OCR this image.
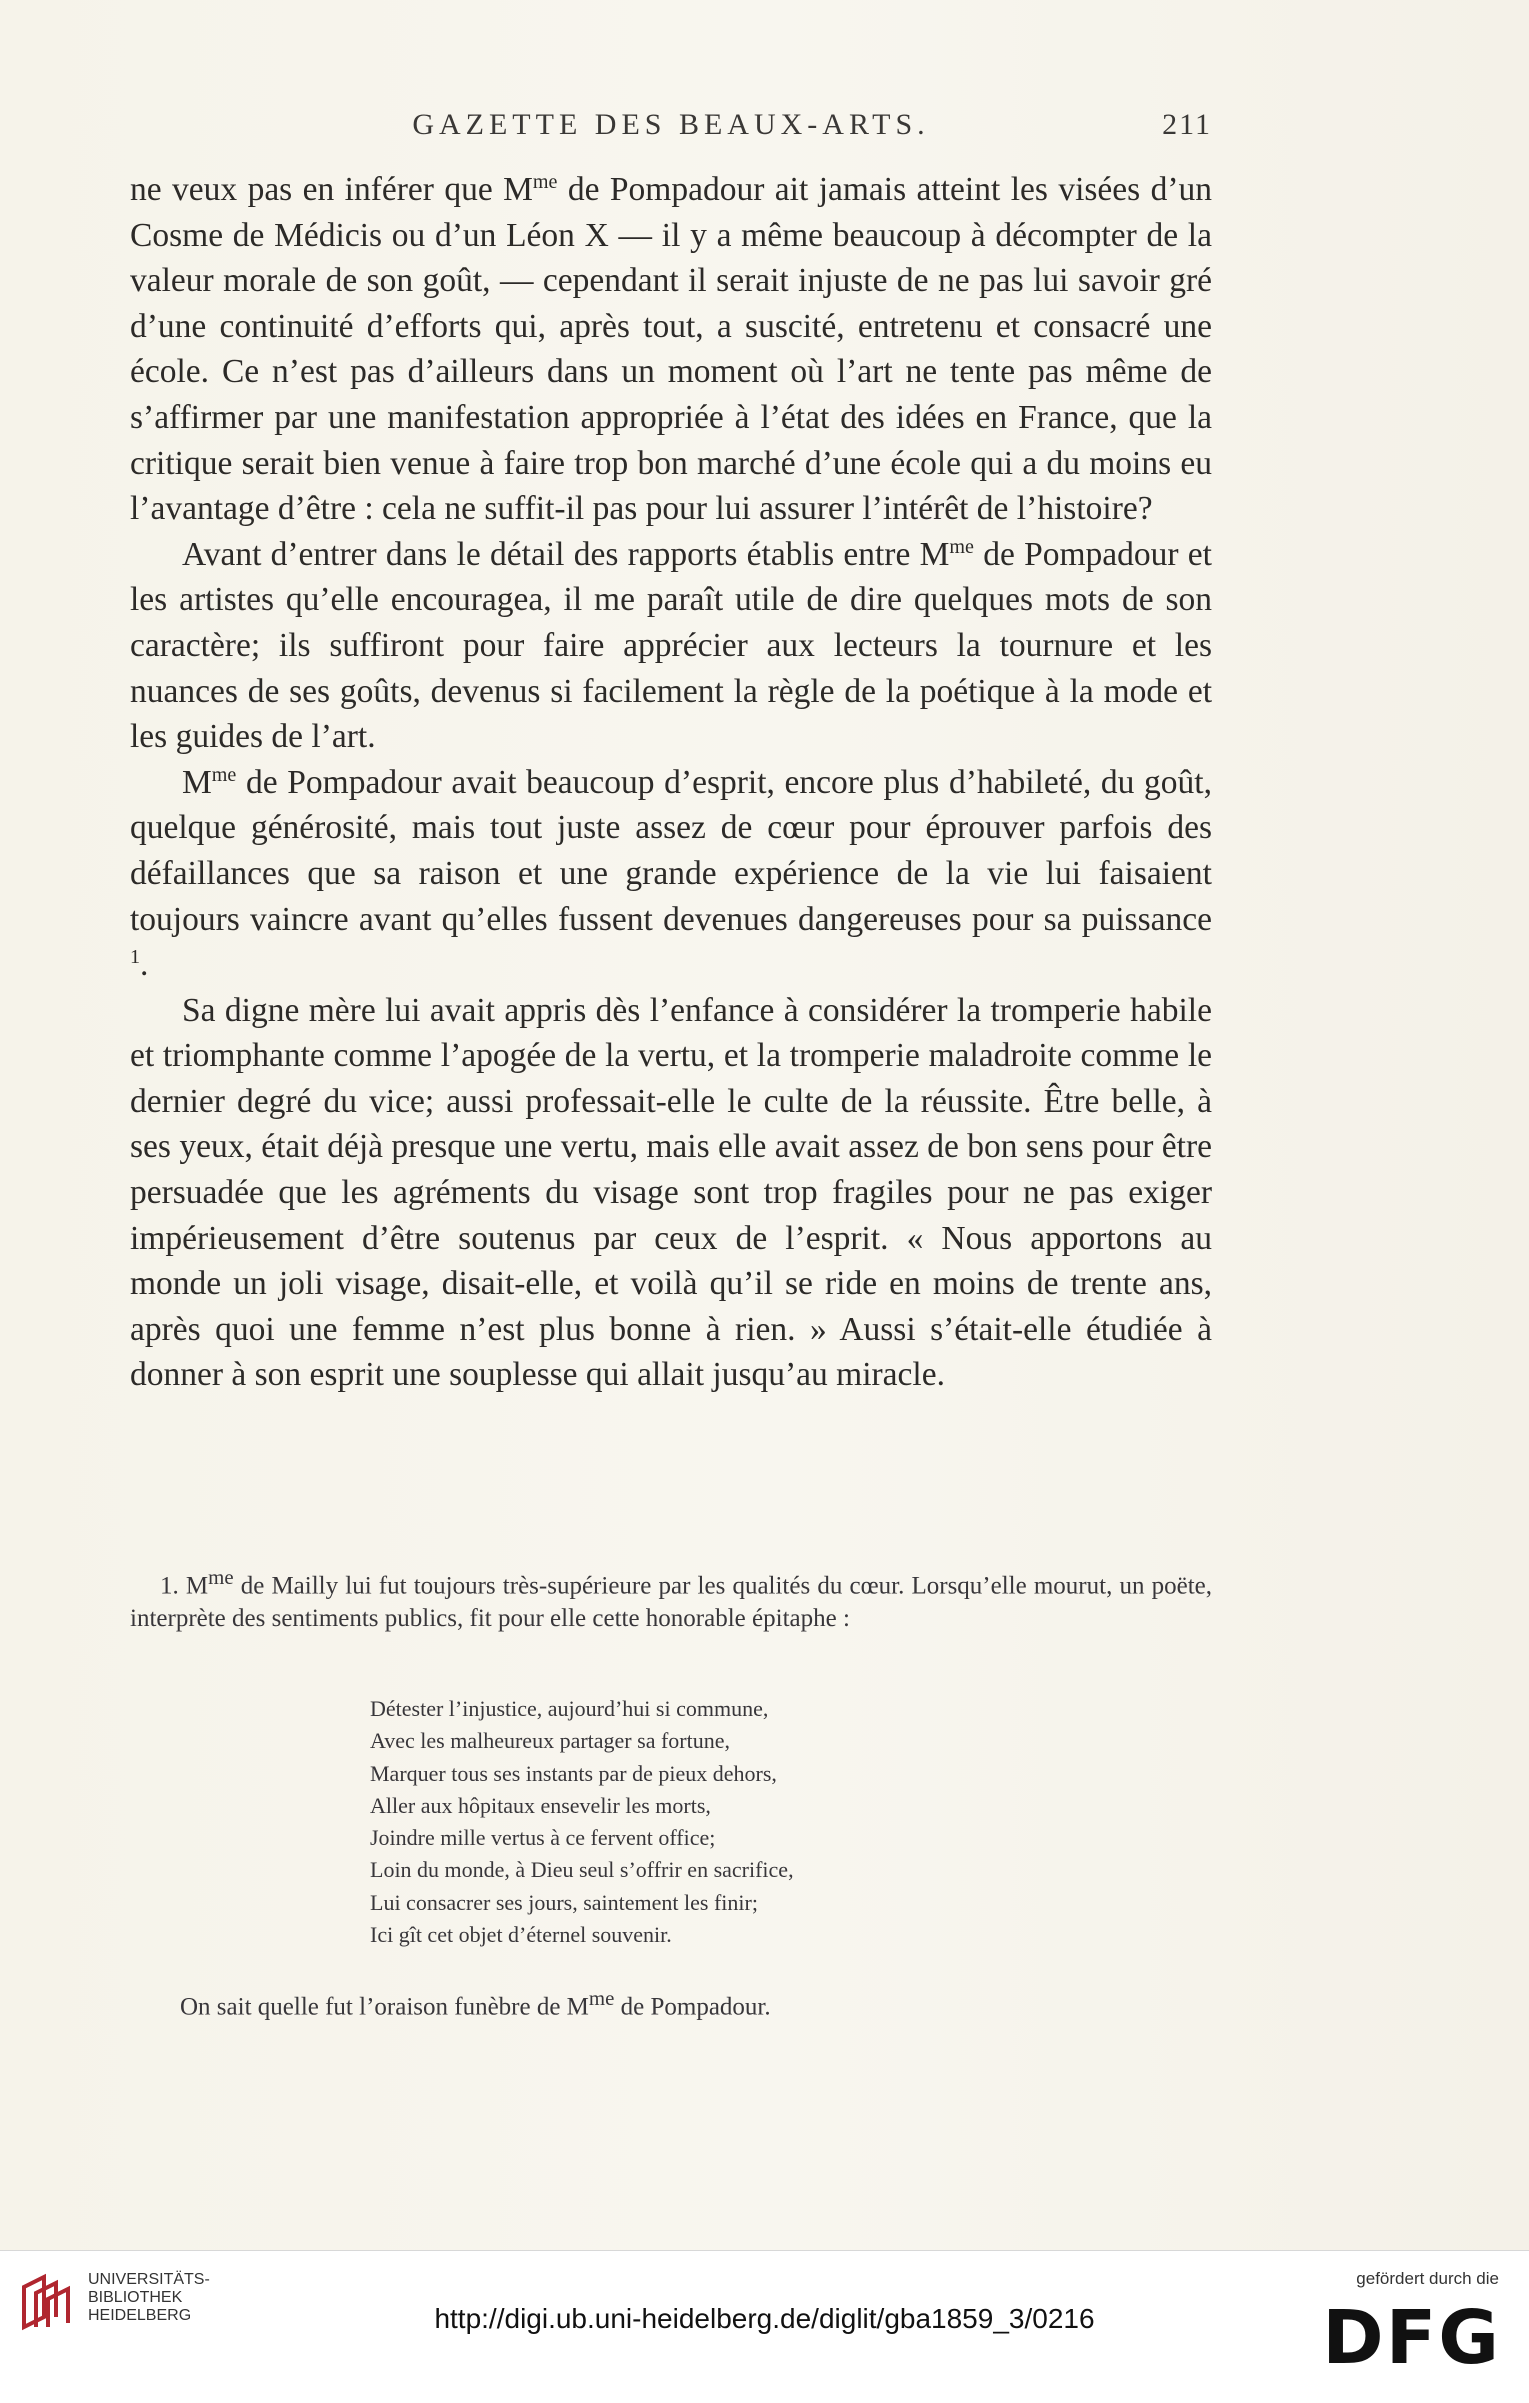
GAZETTE DES BEAUX-ARTS.	211

ne veux pas en inférer que $M^{me}$ de Pompadour ait jamais atteint les visées d’un Cosme de Médicis ou d’un Léon X — il y a même beaucoup à décompter de la valeur morale de son goût, — cependant il serait injuste de ne pas lui savoir gré d’une continuité d’efforts qui, après tout, a suscité, entretenu et consacré une école. Ce n’est pas d’ailleurs dans un moment où l’art ne tente pas même de s’affirmer par une manifestation appropriée à l’état des idées en France, que la critique serait bien venue à faire trop bon marché d’une école qui a du moins eu l’avantage d’être : cela ne suffit-il pas pour lui assurer l’intérêt de l’histoire?

Avant d’entrer dans le détail des rapports établis entre $M^{me}$ de Pompadour et les artistes qu’elle encouragea, il me paraît utile de dire quelques mots de son caractère; ils suffiront pour faire apprécier aux lecteurs la tournure et les nuances de ses goûts, devenus si facilement la règle de la poétique à la mode et les guides de l’art.

$M^{me}$ de Pompadour avait beaucoup d’esprit, encore plus d’habileté, du goût, quelque générosité, mais tout juste assez de cœur pour éprouver parfois des défaillances que sa raison et une grande expérience de la vie lui faisaient toujours vaincre avant qu’elles fussent devenues dangereuses pour sa puissance $^1$.

Sa digne mère lui avait appris dès l’enfance à considérer la tromperie habile et triomphante comme l’apogée de la vertu, et la tromperie maladroite comme le dernier degré du vice; aussi professait-elle le culte de la réussite. Être belle, à ses yeux, était déjà presque une vertu, mais elle avait assez de bon sens pour être persuadée que les agréments du visage sont trop fragiles pour ne pas exiger impérieusement d’être soutenus par ceux de l’esprit. « Nous apportons au monde un joli visage, disait-elle, et voilà qu’il se ride en moins de trente ans, après quoi une femme n’est plus bonne à rien. » Aussi s’était-elle étudiée à donner à son esprit une souplesse qui allait jusqu’au miracle.

1. $M^{me}$ de Mailly lui fut toujours très-supérieure par les qualités du cœur. Lorsqu’elle mourut, un poëte, interprète des sentiments publics, fit pour elle cette honorable épitaphe :

Détester l’injustice, aujourd’hui si commune,
Avec les malheureux partager sa fortune,
Marquer tous ses instants par de pieux dehors,
Aller aux hôpitaux ensevelir les morts,
Joindre mille vertus à ce fervent office;
Loin du monde, à Dieu seul s’offrir en sacrifice,
Lui consacrer ses jours, saintement les finir;
Ici gît cet objet d’éternel souvenir.
On sait quelle fut l’oraison funèbre de $M^{me}$ de Pompadour.
UNIVERSITÄTS-
BIBLIOTHEK
HEIDELBERG	http://digi.ub.uni-heidelberg.de/diglit/gba1859_3/0216
gefördert durch die
DFG
